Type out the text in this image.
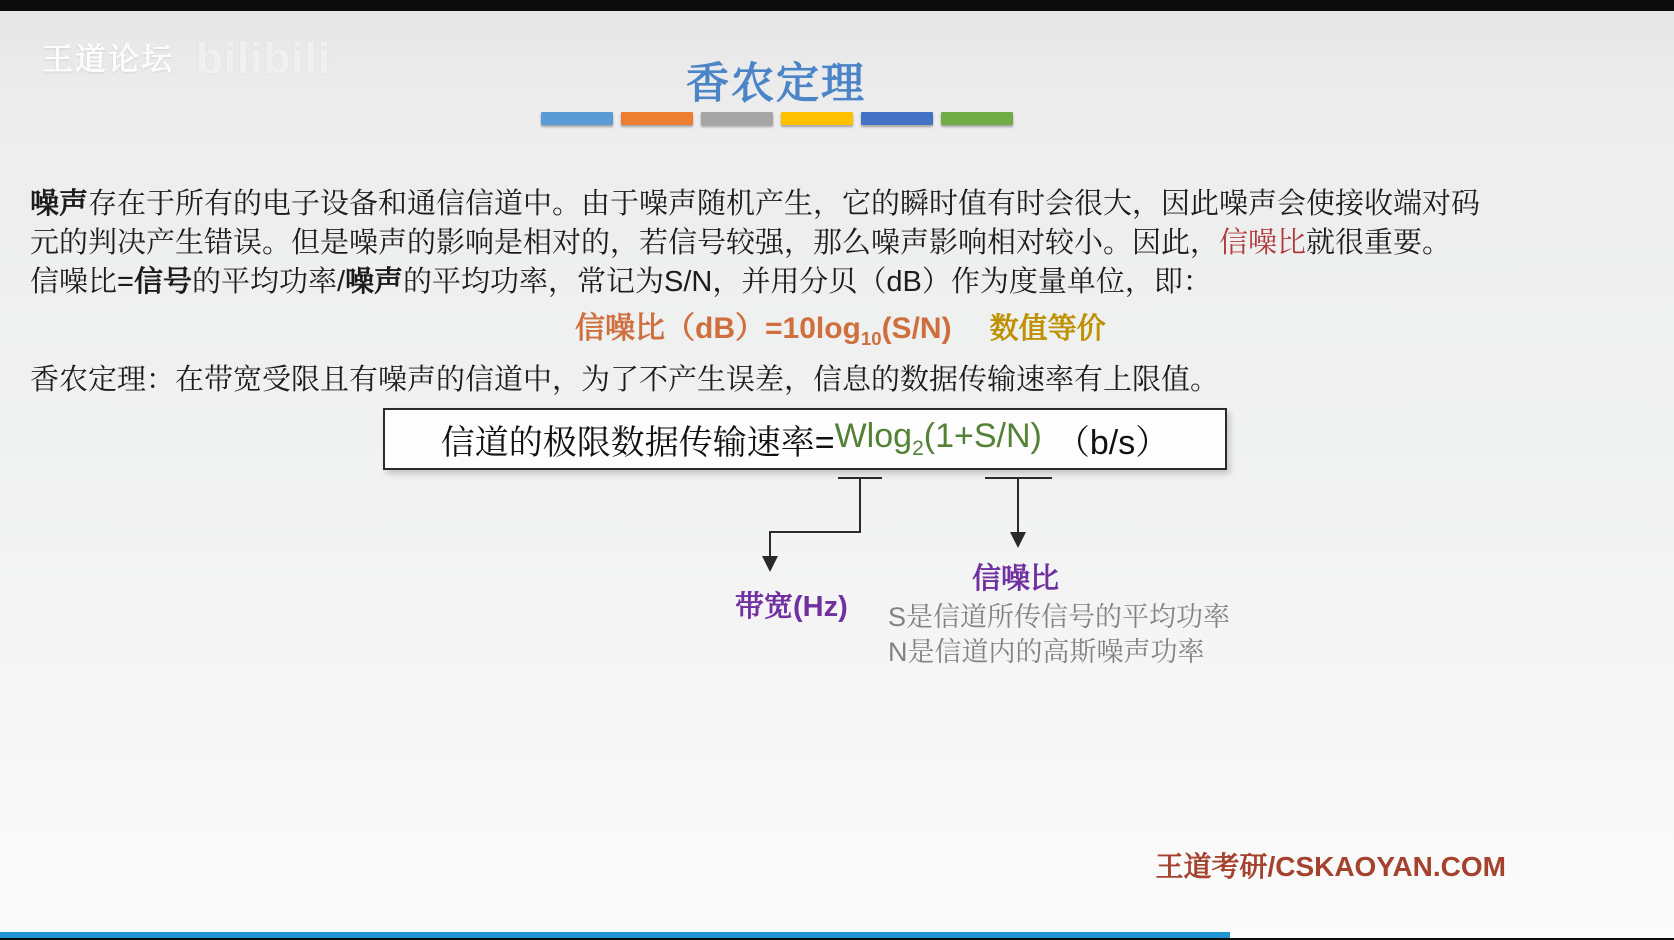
王道论坛 bilibili
香农定理
噪声存在于所有的电子设备和通信信道中。由于噪声随机产生，它的瞬时值有时会很大，因此噪声会使接收端对码
元的判决产生错误。但是噪声的影响是相对的，若信号较强，那么噪声影响相对较小。因此，信噪比就很重要。
信噪比=信号的平均功率/噪声的平均功率，常记为S/N，并用分贝（dB）作为度量单位，即：
信噪比$(dB)=10\log_{10}(S/N)$ 数值等价
香农定理：在带宽受限且有噪声的信道中，为了不产生误差，信息的数据传输速率有上限值。
信道的极限数据传输速率= Wlog$_2$(1+S/N) （b/s）
带宽(Hz)
信噪比
S是信道所传信号的平均功率
N是信道内的高斯噪声功率
王道考研/CSKAOYAN.COM
